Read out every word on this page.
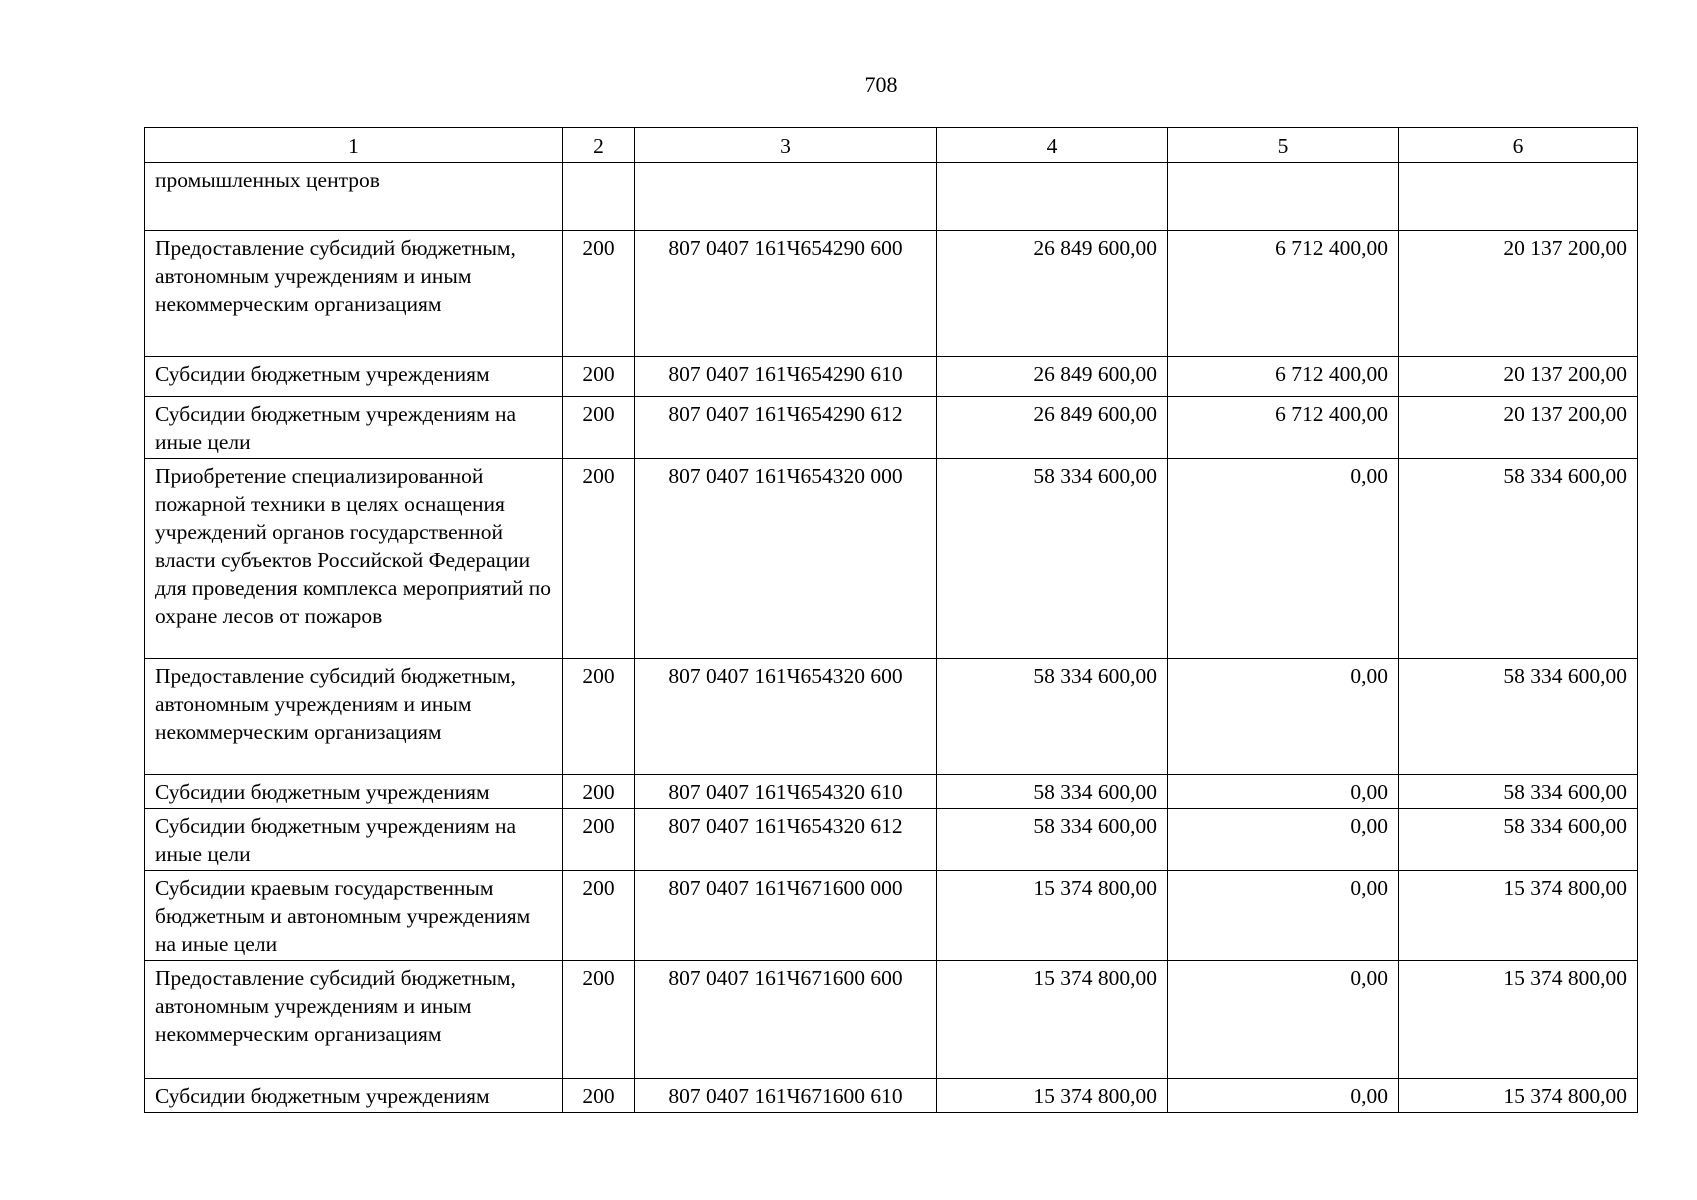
708
1	2	3	4	5	6
промышленных центров					
Предоставление субсидий бюджетным, автономным учреждениям и иным некоммерческим организациям	200	807 0407 161Ч654290 600	26 849 600,00	6 712 400,00	20 137 200,00
Субсидии бюджетным учреждениям	200	807 0407 161Ч654290 610	26 849 600,00	6 712 400,00	20 137 200,00
Субсидии бюджетным учреждениям на иные цели	200	807 0407 161Ч654290 612	26 849 600,00	6 712 400,00	20 137 200,00
Приобретение специализированной пожарной техники в целях оснащения учреждений органов государственной власти субъектов Российской Федерации для проведения комплекса мероприятий по охране лесов от пожаров	200	807 0407 161Ч654320 000	58 334 600,00	0,00	58 334 600,00
Предоставление субсидий бюджетным, автономным учреждениям и иным некоммерческим организациям	200	807 0407 161Ч654320 600	58 334 600,00	0,00	58 334 600,00
Субсидии бюджетным учреждениям	200	807 0407 161Ч654320 610	58 334 600,00	0,00	58 334 600,00
Субсидии бюджетным учреждениям на иные цели	200	807 0407 161Ч654320 612	58 334 600,00	0,00	58 334 600,00
Субсидии краевым государственным бюджетным и автономным учреждениям на иные цели	200	807 0407 161Ч671600 000	15 374 800,00	0,00	15 374 800,00
Предоставление субсидий бюджетным, автономным учреждениям и иным некоммерческим организациям	200	807 0407 161Ч671600 600	15 374 800,00	0,00	15 374 800,00
Субсидии бюджетным учреждениям	200	807 0407 161Ч671600 610	15 374 800,00	0,00	15 374 800,00
